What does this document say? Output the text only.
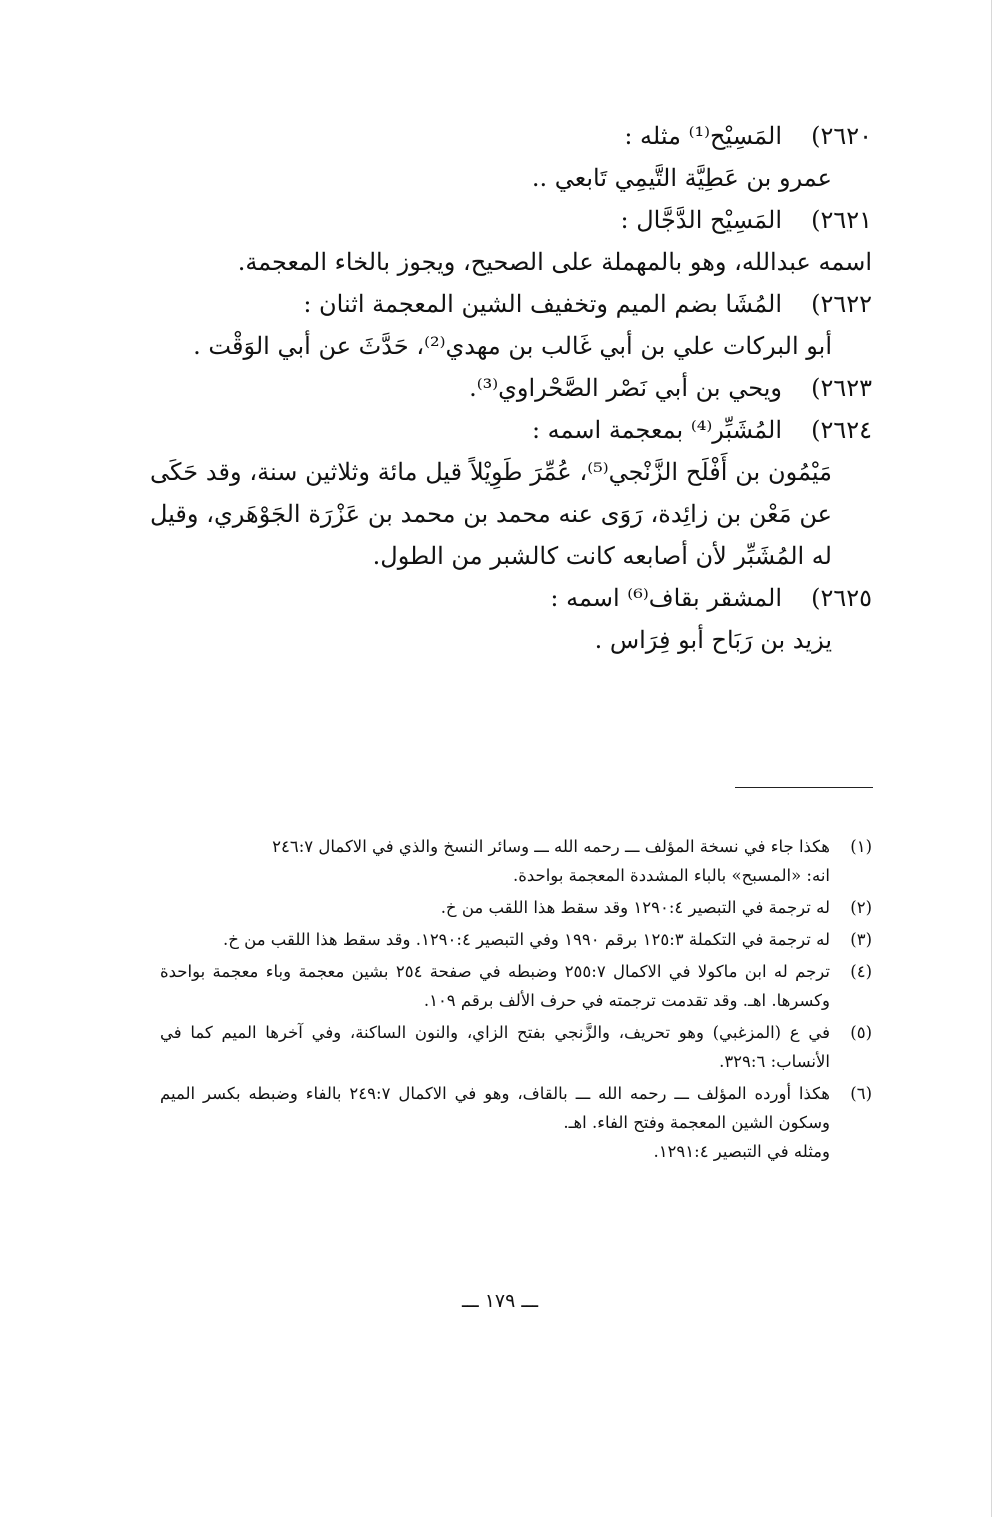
٢٦٢٠)
المَسِيْح⁽¹⁾ مثله :
عمرو بن عَطِيَّة التَّيمِي تَابعي ..
٢٦٢١)
المَسِيْح الدَّجَّال :
اسمه عبدالله، وهو بالمهملة على الصحيح، ويجوز بالخاء المعجمة.
٢٦٢٢)
المُشَا بضم الميم وتخفيف الشين المعجمة اثنان :
أبو البركات علي بن أبي غَالب بن مهدي⁽²⁾، حَدَّثَ عن أبي الوَقْت .
٢٦٢٣)
ويحي بن أبي نَصْر الصَّحْراوي⁽³⁾.
٢٦٢٤)
المُشَبِّر⁽⁴⁾ بمعجمة اسمه :
مَيْمُون بن أَفْلَح الزَّنْجي⁽⁵⁾، عُمِّرَ طَوِيْلاً قيل مائة وثلاثين سنة، وقد حَكَى عن مَعْن بن زائِدة، رَوَى عنه محمد بن محمد بن عَزْرَة الجَوْهَري، وقيل له المُشَبِّر لأن أصابعه كانت كالشبر من الطول.
٢٦٢٥)
المشقر بقاف⁽⁶⁾ اسمه :
يزيد بن رَبَاح أبو فِرَاس .
(١)
هكذا جاء في نسخة المؤلف ـــ رحمه الله ـــ وسائر النسخ والذي في الاكمال ٢٤٦:٧
انه: «المسبح» بالباء المشددة المعجمة بواحدة.
(٢)
له ترجمة في التبصير ١٢٩٠:٤ وقد سقط هذا اللقب من خ.
(٣)
له ترجمة في التكملة ١٢٥:٣ برقم ١٩٩٠ وفي التبصير ١٢٩٠:٤. وقد سقط هذا اللقب من خ.
(٤)
ترجم له ابن ماكولا في الاكمال ٢٥٥:٧ وضبطه في صفحة ٢٥٤ بشين معجمة وباء معجمة بواحدة وكسرها. اهـ. وقد تقدمت ترجمته في حرف الألف برقم ١٠٩.
(٥)
في ع (المزغبي) وهو تحريف، والزَّنجي بفتح الزاي، والنون الساكنة، وفي آخرها الميم كما في الأنساب: ٣٢٩:٦.
(٦)
هكذا أورده المؤلف ـــ رحمه الله ـــ بالقاف، وهو في الاكمال ٢٤٩:٧ بالفاء وضبطه بكسر الميم وسكون الشين المعجمة وفتح الفاء. اهـ.
ومثله في التبصير ١٢٩١:٤.
ـــ ١٧٩ ـــ
